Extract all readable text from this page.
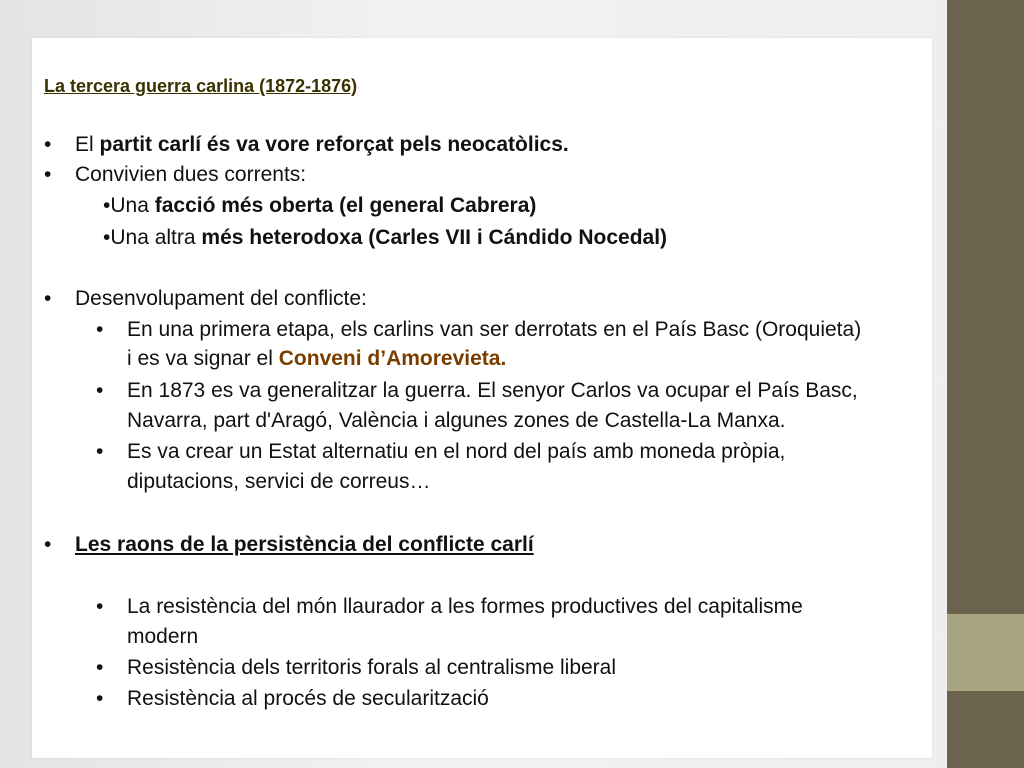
La tercera guerra carlina (1872-1876)
• El partit carlí és va vore reforçat pels neocatòlics.
• Convivien dues corrents:
•Una facció més oberta (el general Cabrera)
•Una altra més heterodoxa (Carles VII i Cándido Nocedal)
• Desenvolupament del conflicte:
• En una primera etapa, els carlins van ser derrotats en el País Basc (Oroquieta)
i es va signar el Conveni d’Amorevieta.
• En 1873 es va generalitzar la guerra. El senyor Carlos va ocupar el País Basc,
Navarra, part d'Aragó, València i algunes zones de Castella-La Manxa.
• Es va crear un Estat alternatiu en el nord del país amb moneda pròpia,
diputacions, servici de correus…
• Les raons de la persistència del conflicte carlí
• La resistència del món llaurador a les formes productives del capitalisme
modern
• Resistència dels territoris forals al centralisme liberal
• Resistència al procés de secularització
